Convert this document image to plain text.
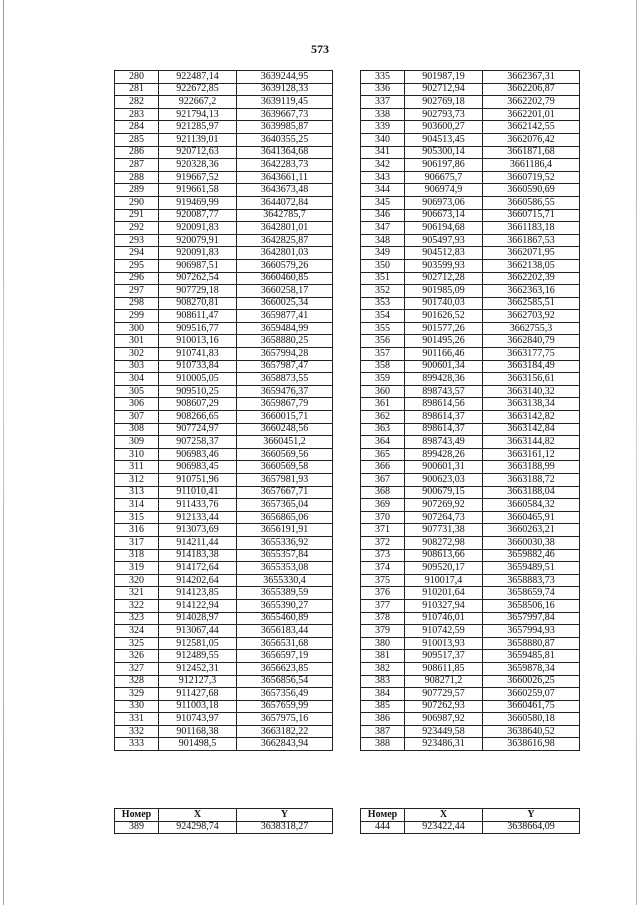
573
280	922487,14	3639244,95
281	922672,85	3639128,33
282	922667,2	3639119,45
283	921794,13	3639667,73
284	921285,97	3639985,87
285	921139,01	3640355,25
286	920712,63	3641364,68
287	920328,36	3642283,73
288	919667,52	3643661,11
289	919661,58	3643673,48
290	919469,99	3644072,84
291	920087,77	3642785,7
292	920091,83	3642801,01
293	920079,91	3642825,87
294	920091,83	3642801,03
295	906987,51	3660579,26
296	907262,54	3660460,85
297	907729,18	3660258,17
298	908270,81	3660025,34
299	908611,47	3659877,41
300	909516,77	3659484,99
301	910013,16	3658880,25
302	910741,83	3657994,28
303	910733,84	3657987,47
304	910005,05	3658873,55
305	909510,25	3659476,37
306	908607,29	3659867,79
307	908266,65	3660015,71
308	907724,97	3660248,56
309	907258,37	3660451,2
310	906983,46	3660569,56
311	906983,45	3660569,58
312	910751,96	3657981,93
313	911010,41	3657667,71
314	911433,76	3657365,04
315	912133,44	3656865,06
316	913073,69	3656191,91
317	914211,44	3655336,92
318	914183,38	3655357,84
319	914172,64	3655353,08
320	914202,64	3655330,4
321	914123,85	3655389,59
322	914122,94	3655390,27
323	914028,97	3655460,89
324	913067,44	3656183,44
325	912581,05	3656531,68
326	912489,55	3656597,19
327	912452,31	3656623,85
328	912127,3	3656856,54
329	911427,68	3657356,49
330	911003,18	3657659,99
331	910743,97	3657975,16
332	901168,38	3663182,22
333	901498,5	3662843,94
335	901987,19	3662367,31
336	902712,94	3662206,87
337	902769,18	3662202,79
338	902793,73	3662201,01
339	903600,27	3662142,55
340	904513,45	3662076,42
341	905300,14	3661871,68
342	906197,86	3661186,4
343	906675,7	3660719,52
344	906974,9	3660590,69
345	906973,06	3660586,55
346	906673,14	3660715,71
347	906194,68	3661183,18
348	905497,93	3661867,53
349	904512,83	3662071,95
350	903599,93	3662138,05
351	902712,28	3662202,39
352	901985,09	3662363,16
353	901740,03	3662585,51
354	901626,52	3662703,92
355	901577,26	3662755,3
356	901495,26	3662840,79
357	901166,46	3663177,75
358	900601,34	3663184,49
359	899428,36	3663156,61
360	898743,57	3663140,32
361	898614,56	3663138,34
362	898614,37	3663142,82
363	898614,37	3663142,84
364	898743,49	3663144,82
365	899428,26	3663161,12
366	900601,31	3663188,99
367	900623,03	3663188,72
368	900679,15	3663188,04
369	907269,92	3660584,32
370	907264,73	3660465,91
371	907731,38	3660263,21
372	908272,98	3660030,38
373	908613,66	3659882,46
374	909520,17	3659489,51
375	910017,4	3658883,73
376	910201,64	3658659,74
377	910327,94	3658506,16
378	910746,01	3657997,84
379	910742,59	3657994,93
380	910013,93	3658880,87
381	909517,37	3659485,81
382	908611,85	3659878,34
383	908271,2	3660026,25
384	907729,57	3660259,07
385	907262,93	3660461,75
386	906987,92	3660580,18
387	923449,58	3638640,52
388	923486,31	3638616,98
Номер	X	Y
389	924298,74	3638318,27
Номер	X	Y
444	923422,44	3638664,09
